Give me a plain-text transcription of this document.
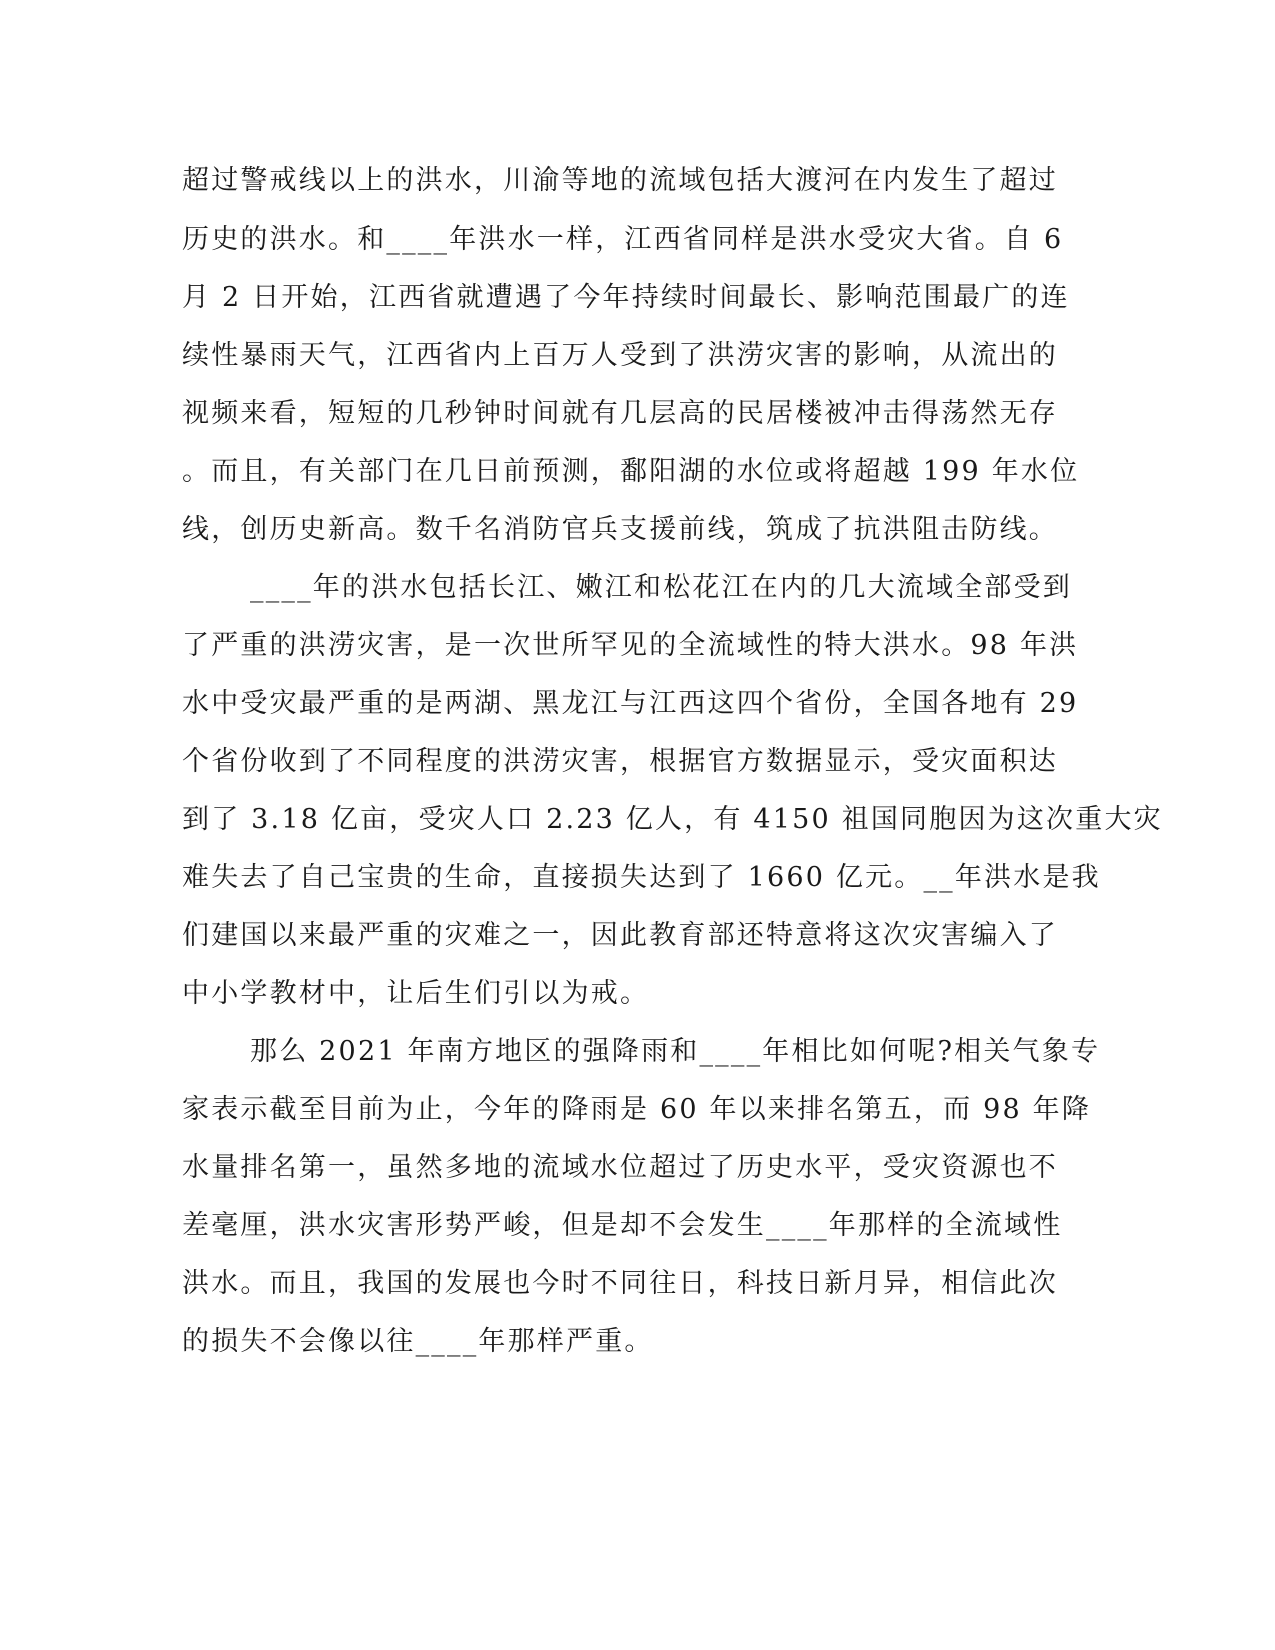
超过警戒线以上的洪水，川渝等地的流域包括大渡河在内发生了超过

历史的洪水。和____年洪水一样，江西省同样是洪水受灾大省。自 6

月 2 日开始，江西省就遭遇了今年持续时间最长、影响范围最广的连

续性暴雨天气，江西省内上百万人受到了洪涝灾害的影响，从流出的

视频来看，短短的几秒钟时间就有几层高的民居楼被冲击得荡然无存

。而且，有关部门在几日前预测，鄱阳湖的水位或将超越 199 年水位

线，创历史新高。数千名消防官兵支援前线，筑成了抗洪阻击防线。

____年的洪水包括长江、嫩江和松花江在内的几大流域全部受到

了严重的洪涝灾害，是一次世所罕见的全流域性的特大洪水。98 年洪

水中受灾最严重的是两湖、黑龙江与江西这四个省份，全国各地有 29

个省份收到了不同程度的洪涝灾害，根据官方数据显示，受灾面积达

到了 3.18 亿亩，受灾人口 2.23 亿人，有 4150 祖国同胞因为这次重大灾

难失去了自己宝贵的生命，直接损失达到了 1660 亿元。__年洪水是我

们建国以来最严重的灾难之一，因此教育部还特意将这次灾害编入了

中小学教材中，让后生们引以为戒。

那么 2021 年南方地区的强降雨和____年相比如何呢?相关气象专

家表示截至目前为止，今年的降雨是 60 年以来排名第五，而 98 年降

水量排名第一，虽然多地的流域水位超过了历史水平，受灾资源也不

差毫厘，洪水灾害形势严峻，但是却不会发生____年那样的全流域性

洪水。而且，我国的发展也今时不同往日，科技日新月异，相信此次

的损失不会像以往____年那样严重。
